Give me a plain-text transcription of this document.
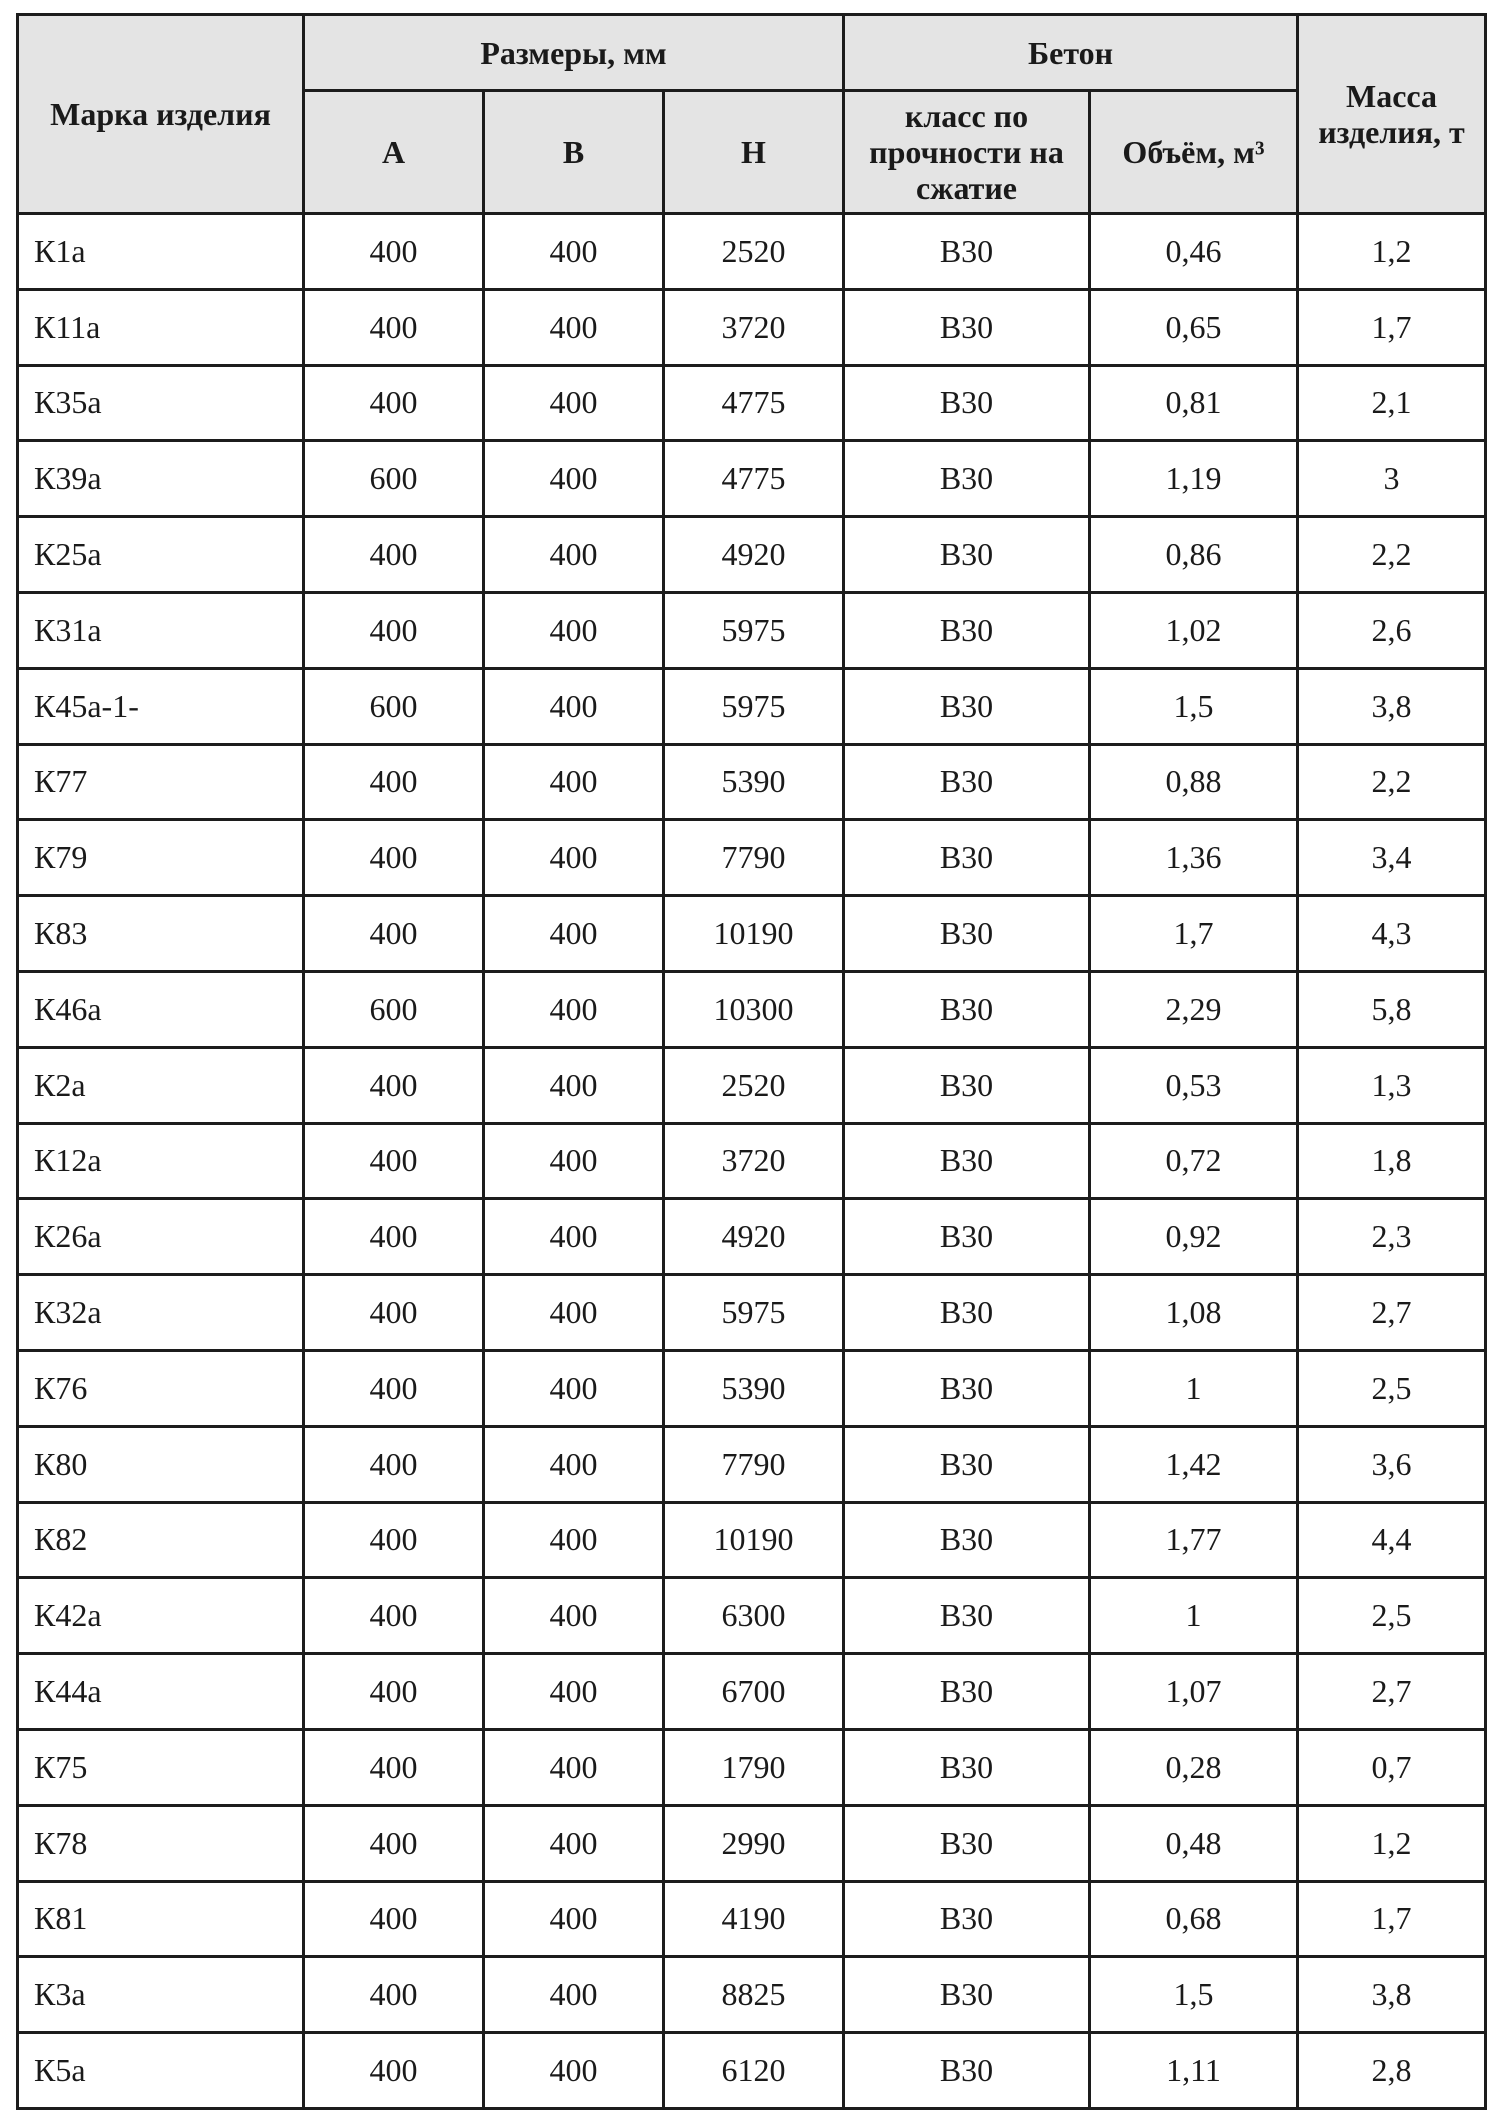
Марка изделия	Размеры, мм			Бетон		Масса изделия, т
	А	В	Н	класс по прочности на сжатие	Объём, м³	
К1а	400	400	2520	В30	0,46	1,2
К11а	400	400	3720	В30	0,65	1,7
К35а	400	400	4775	В30	0,81	2,1
К39а	600	400	4775	В30	1,19	3
К25а	400	400	4920	В30	0,86	2,2
К31а	400	400	5975	В30	1,02	2,6
К45а-1-	600	400	5975	В30	1,5	3,8
К77	400	400	5390	В30	0,88	2,2
К79	400	400	7790	В30	1,36	3,4
К83	400	400	10190	В30	1,7	4,3
К46а	600	400	10300	В30	2,29	5,8
К2а	400	400	2520	В30	0,53	1,3
К12а	400	400	3720	В30	0,72	1,8
К26а	400	400	4920	В30	0,92	2,3
К32а	400	400	5975	В30	1,08	2,7
К76	400	400	5390	В30	1	2,5
К80	400	400	7790	В30	1,42	3,6
К82	400	400	10190	В30	1,77	4,4
К42а	400	400	6300	В30	1	2,5
К44а	400	400	6700	В30	1,07	2,7
К75	400	400	1790	В30	0,28	0,7
К78	400	400	2990	В30	0,48	1,2
К81	400	400	4190	В30	0,68	1,7
К3а	400	400	8825	В30	1,5	3,8
К5а	400	400	6120	В30	1,11	2,8
